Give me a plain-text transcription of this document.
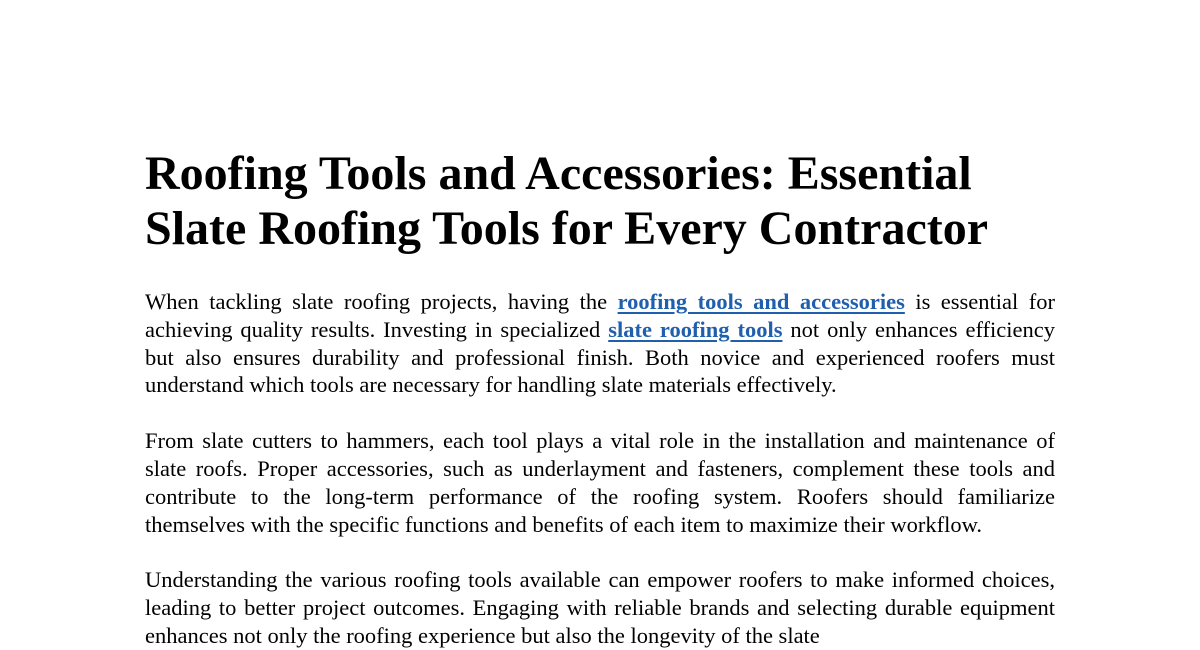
Roofing Tools and Accessories: Essential Slate Roofing Tools for Every Contractor

When tackling slate roofing projects, having the roofing tools and accessories is essential for achieving quality results. Investing in specialized slate roofing tools not only enhances efficiency but also ensures durability and professional finish. Both novice and experienced roofers must understand which tools are necessary for handling slate materials effectively.

From slate cutters to hammers, each tool plays a vital role in the installation and maintenance of slate roofs. Proper accessories, such as underlayment and fasteners, complement these tools and contribute to the long-term performance of the roofing system. Roofers should familiarize themselves with the specific functions and benefits of each item to maximize their workflow.

Understanding the various roofing tools available can empower roofers to make informed choices, leading to better project outcomes. Engaging with reliable brands and selecting durable equipment enhances not only the roofing experience but also the longevity of the slate
